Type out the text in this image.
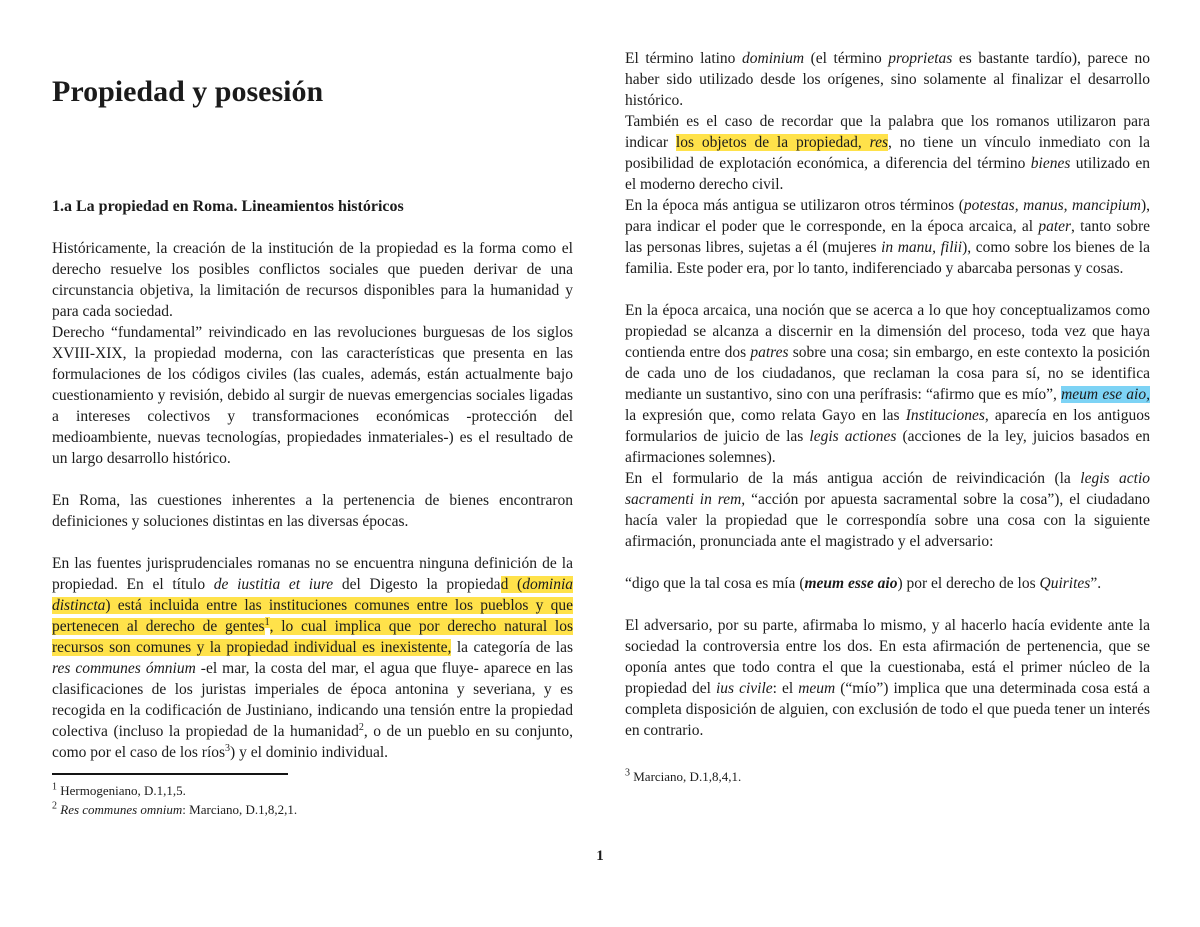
Propiedad y posesión
1.a La propiedad en Roma. Lineamientos históricos

Históricamente, la creación de la institución de la propiedad es la forma como el derecho resuelve los posibles conflictos sociales que pueden derivar de una circunstancia objetiva, la limitación de recursos disponibles para la humanidad y para cada sociedad.

Derecho “fundamental” reivindicado en las revoluciones burguesas de los siglos XVIII-XIX, la propiedad moderna, con las características que presenta en las formulaciones de los códigos civiles (las cuales, además, están actualmente bajo cuestionamiento y revisión, debido al surgir de nuevas emergencias sociales ligadas a intereses colectivos y transformaciones económicas -protección del medioambiente, nuevas tecnologías, propiedades inmateriales-) es el resultado de un largo desarrollo histórico.

En Roma, las cuestiones inherentes a la pertenencia de bienes encontraron definiciones y soluciones distintas en las diversas épocas.

En las fuentes jurisprudenciales romanas no se encuentra ninguna definición de la propiedad. En el título de iustitia et iure del Digesto la propiedad (dominia distincta) está incluida entre las instituciones comunes entre los pueblos y que pertenecen al derecho de gentes$^1$, lo cual implica que por derecho natural los recursos son comunes y la propiedad individual es inexistente, la categoría de las res communes ómnium -el mar, la costa del mar, el agua que fluye- aparece en las clasificaciones de los juristas imperiales de época antonina y severiana, y es recogida en la codificación de Justiniano, indicando una tensión entre la propiedad colectiva (incluso la propiedad de la humanidad$^2$, o de un pueblo en su conjunto, como por el caso de los ríos$^3$) y el dominio individual.

$^1$ Hermogeniano, D.1,1,5.

$^2$ Res communes omnium: Marciano, D.1,8,2,1.

El término latino dominium (el término proprietas es bastante tardío), parece no haber sido utilizado desde los orígenes, sino solamente al finalizar el desarrollo histórico.

También es el caso de recordar que la palabra que los romanos utilizaron para indicar los objetos de la propiedad, res, no tiene un vínculo inmediato con la posibilidad de explotación económica, a diferencia del término bienes utilizado en el moderno derecho civil.

En la época más antigua se utilizaron otros términos (potestas, manus, mancipium), para indicar el poder que le corresponde, en la época arcaica, al pater, tanto sobre las personas libres, sujetas a él (mujeres in manu, filii), como sobre los bienes de la familia. Este poder era, por lo tanto, indiferenciado y abarcaba personas y cosas.

En la época arcaica, una noción que se acerca a lo que hoy conceptualizamos como propiedad se alcanza a discernir en la dimensión del proceso, toda vez que haya contienda entre dos patres sobre una cosa; sin embargo, en este contexto la posición de cada uno de los ciudadanos, que reclaman la cosa para sí, no se identifica mediante un sustantivo, sino con una perífrasis: “afirmo que es mío”, meum ese aio, la expresión que, como relata Gayo en las Instituciones, aparecía en los antiguos formularios de juicio de las legis actiones (acciones de la ley, juicios basados en afirmaciones solemnes).

En el formulario de la más antigua acción de reivindicación (la legis actio sacramenti in rem, “acción por apuesta sacramental sobre la cosa”), el ciudadano hacía valer la propiedad que le correspondía sobre una cosa con la siguiente afirmación, pronunciada ante el magistrado y el adversario:

“digo que la tal cosa es mía (meum esse aio) por el derecho de los Quirites”.

El adversario, por su parte, afirmaba lo mismo, y al hacerlo hacía evidente ante la sociedad la controversia entre los dos. En esta afirmación de pertenencia, que se oponía antes que todo contra el que la cuestionaba, está el primer núcleo de la propiedad del ius civile: el meum (“mío”) implica que una determinada cosa está a completa disposición de alguien, con exclusión de todo el que pueda tener un interés en contrario.

$^3$ Marciano, D.1,8,4,1.

1
